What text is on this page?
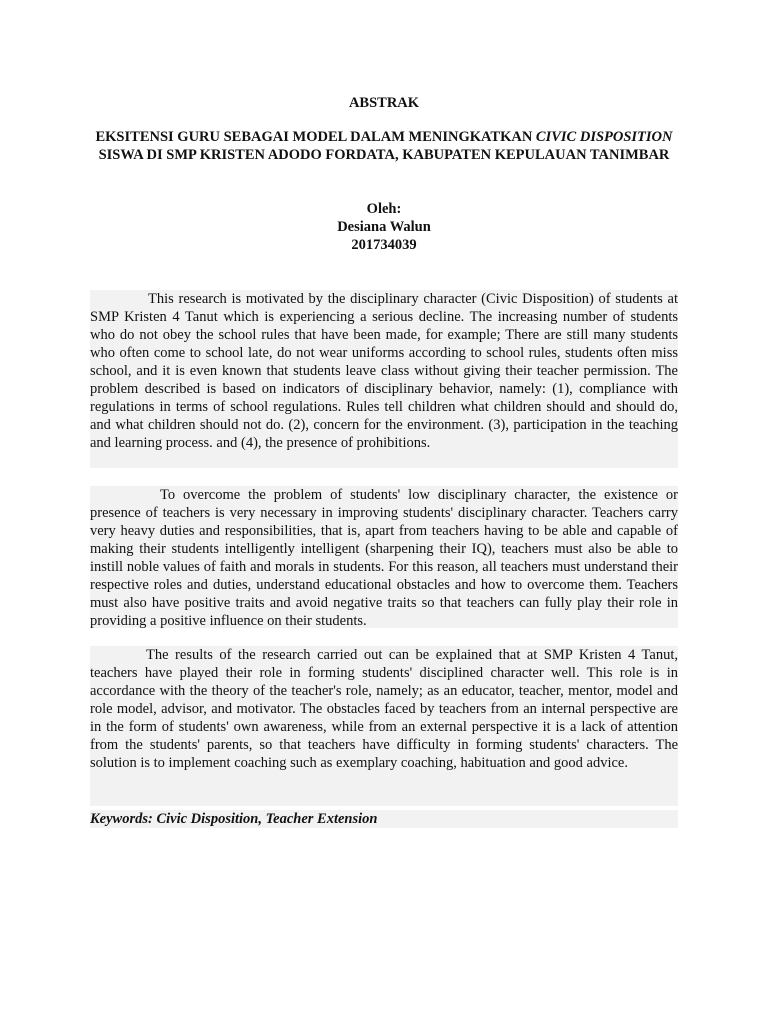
ABSTRAK
EKSITENSI GURU SEBAGAI MODEL DALAM MENINGKATKAN CIVIC DISPOSITION SISWA DI SMP KRISTEN ADODO FORDATA, KABUPATEN KEPULAUAN TANIMBAR
Oleh:
Desiana Walun
201734039

This research is motivated by the disciplinary character (Civic Disposition) of students at SMP Kristen 4 Tanut which is experiencing a serious decline. The increasing number of students who do not obey the school rules that have been made, for example; There are still many students who often come to school late, do not wear uniforms according to school rules, students often miss school, and it is even known that students leave class without giving their teacher permission. The problem described is based on indicators of disciplinary behavior, namely: (1), compliance with regulations in terms of school regulations. Rules tell children what children should and should do, and what children should not do. (2), concern for the environment. (3), participation in the teaching and learning process. and (4), the presence of prohibitions.

To overcome the problem of students' low disciplinary character, the existence or presence of teachers is very necessary in improving students' disciplinary character. Teachers carry very heavy duties and responsibilities, that is, apart from teachers having to be able and capable of making their students intelligently intelligent (sharpening their IQ), teachers must also be able to instill noble values of faith and morals in students. For this reason, all teachers must understand their respective roles and duties, understand educational obstacles and how to overcome them. Teachers must also have positive traits and avoid negative traits so that teachers can fully play their role in providing a positive influence on their students.

The results of the research carried out can be explained that at SMP Kristen 4 Tanut, teachers have played their role in forming students' disciplined character well. This role is in accordance with the theory of the teacher's role, namely; as an educator, teacher, mentor, model and role model, advisor, and motivator. The obstacles faced by teachers from an internal perspective are in the form of students' own awareness, while from an external perspective it is a lack of attention from the students' parents, so that teachers have difficulty in forming students' characters. The solution is to implement coaching such as exemplary coaching, habituation and good advice.

Keywords: Civic Disposition, Teacher Extension
